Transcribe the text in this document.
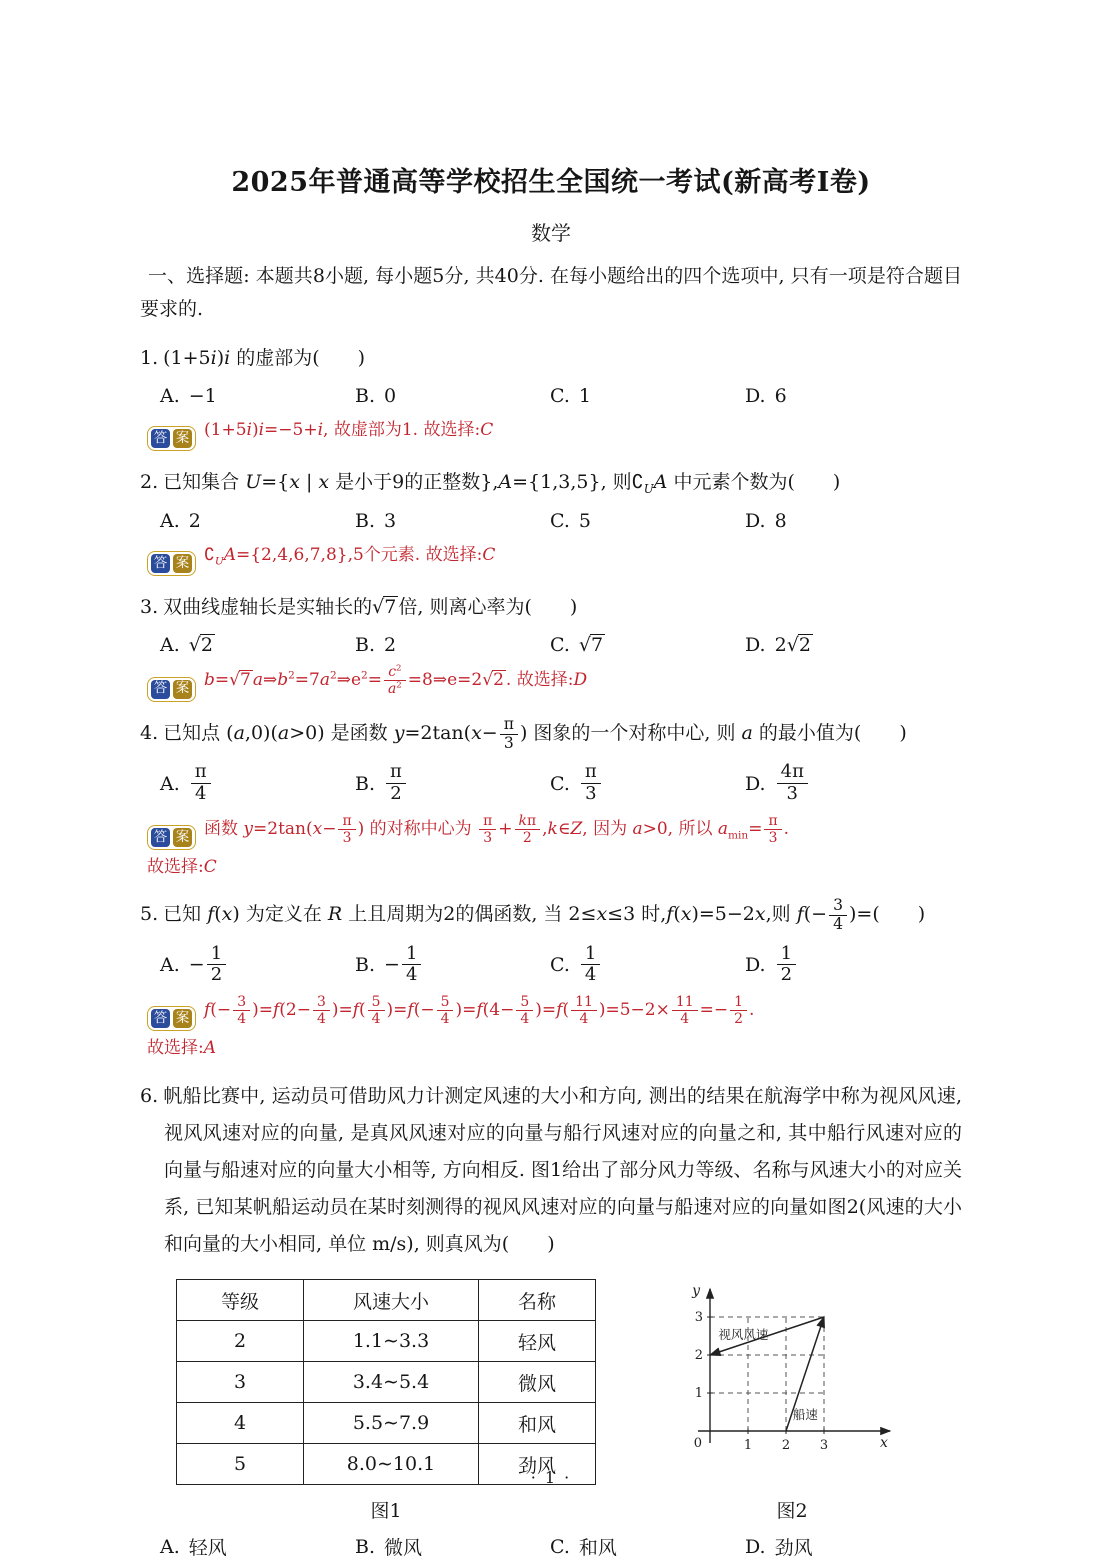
2025年普通高等学校招生全国统一考试(新高考I卷)
数学

一、选择题: 本题共8小题, 每小题5分, 共40分. 在每小题给出的四个选项中, 只有一项是符合题目要求的.

1. (1+5i)i 的虚部为(　　)
A. −1	B. 0	C. 1	D. 6
答 案 (1+5i)i=−5+i, 故虚部为1. 故选择:C
2. 已知集合 U={x | x 是小于9的正整数},A={1,3,5}, 则$∁_UA$ 中元素个数为(　　)
A. 2	B. 3	C. 5	D. 8
答 案 $∁_UA=\{2,4,6,7,8\},5$个元素. 故选择:C
3. 双曲线虚轴长是实轴长的√7 倍, 则离心率为(　　)
A. √2	B. 2	C. √7	D. 2√2
答 案 b=√7 $a\Rightarrow b^2=7a^2\Rightarrow e^2= \frac{c^2}{a^2}$ =8⇒e=2√2 . 故选择:D
4. 已知点 (a,0)(a>0) 是函数 $y=2\tan(x- \frac{\pi}{3}$ ) 图象的一个对称中心, 则 a 的最小值为(　　)
A. $\frac{\pi}{4}$	B. $\frac{\pi}{2}$	C. $\frac{\pi}{3}$	D. $\frac{4\pi}{3}$
答 案 函数 $y=2\tan(x- \frac{\pi}{3}$ ) 的对称中心为 $\frac{\pi}{3} + \frac{k\pi}{2}$ ,k∈Z, 因为 a>0, 所以 $a_{min}= \frac{\pi}{3}$ .
故选择:C
5. 已知 f(x) 为定义在 R 上且周期为2的偶函数, 当 2≤x≤3 时,f(x)=5−2x,则 $f(- \frac{3}{4}$ )=(　　)
A. − $\frac{1}{2}$	B. − $\frac{1}{4}$	C. $\frac{1}{4}$	D. $\frac{1}{2}$
答 案 $f(- \frac{3}{4} )=f(2- \frac{3}{4} )=f( \frac{5}{4} )=f(- \frac{5}{4} )=f(4- \frac{5}{4} )=f( \frac{11}{4} )=5-2\times \frac{11}{4} =- \frac{1}{2}$ .
故选择:A
6. 帆船比赛中, 运动员可借助风力计测定风速的大小和方向, 测出的结果在航海学中称为视风风速, 视风风速对应的向量, 是真风风速对应的向量与船行风速对应的向量之和, 其中船行风速对应的向量与船速对应的向量大小相等, 方向相反. 图1给出了部分风力等级、名称与风速大小的对应关系, 已知某帆船运动员在某时刻测得的视风风速对应的向量与船速对应的向量如图2(风速的大小和向量的大小相同, 单位 m/s), 则真风为(　　)
等级	风速大小	名称
2	1.1∼3.3	轻风
3	3.4∼5.4	微风
4	5.5∼7.9	和风
5	8.0∼10.1	劲风
图1
1 2 3
1
2
3
0
y
x
视风风速
船速
图2
A. 轻风	B. 微风	C. 和风	D. 劲风
· 1 ·
